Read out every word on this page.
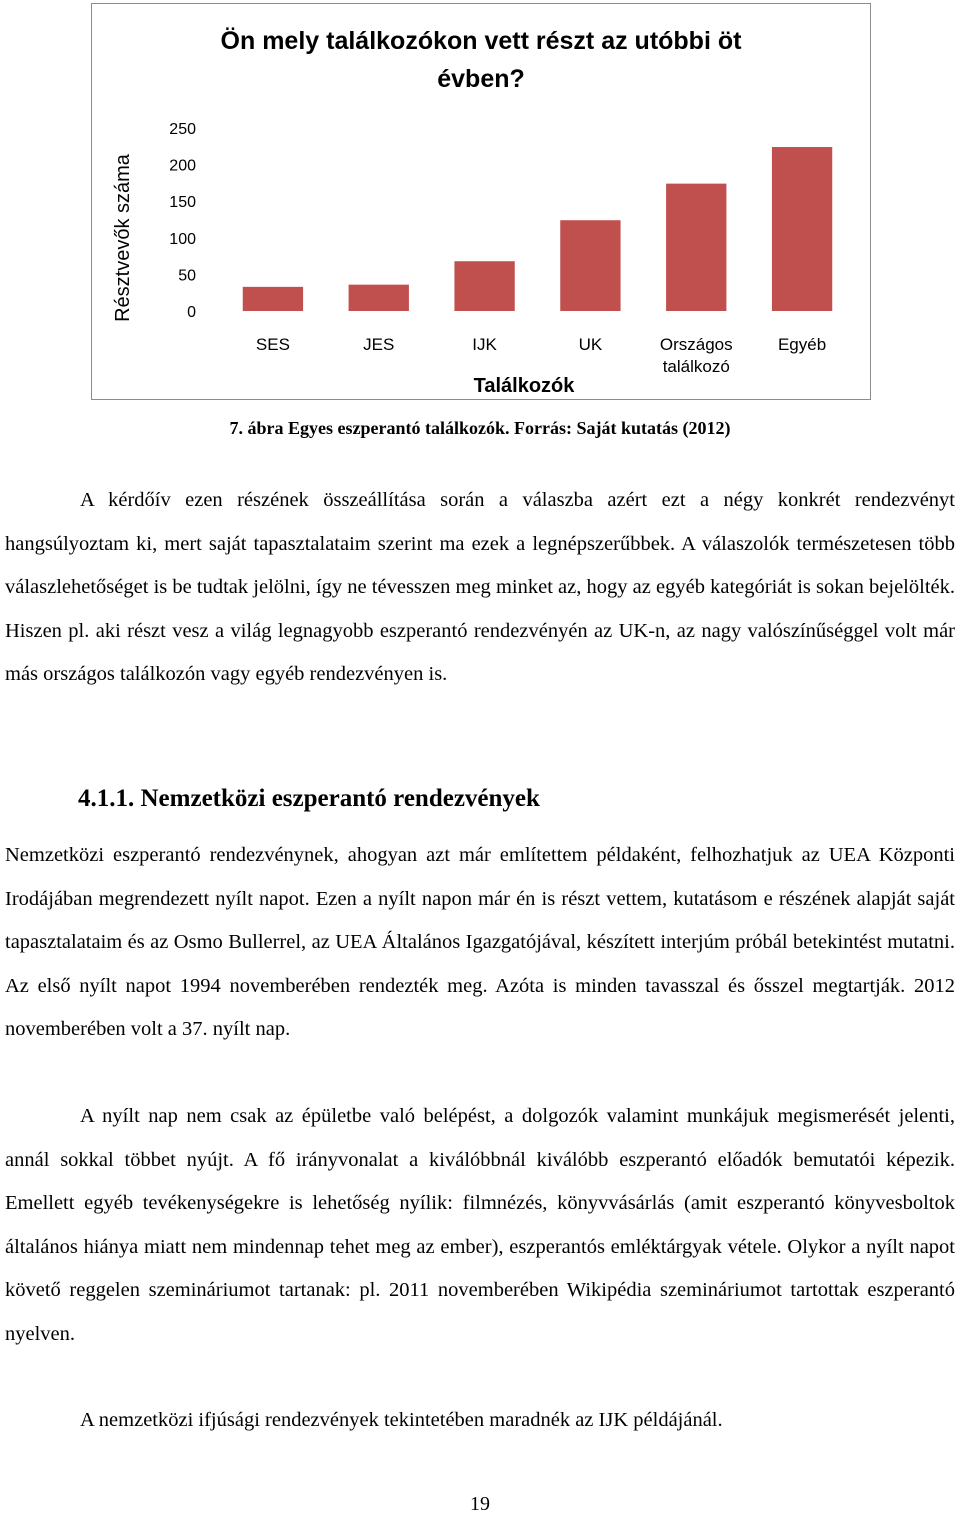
Ön mely találkozókon vett részt az utóbbi öt évben?
Résztvevők száma	0
50
100
150
200
250
SES	JES	IJK	UK	Országos találkozó
Egyéb
Találkozók
7. ábra Egyes eszperantó találkozók. Forrás: Saját kutatás (2012)

A kérdőív ezen részének összeállítása során a válaszba azért ezt a négy konkrét rendezvényt hangsúlyoztam ki, mert saját tapasztalataim szerint ma ezek a legnépszerűbbek. A válaszolók természetesen több válaszlehetőséget is be tudtak jelölni, így ne tévesszen meg minket az, hogy az egyéb kategóriát is sokan bejelölték. Hiszen pl. aki részt vesz a világ legnagyobb eszperantó rendezvényén az UK-n, az nagy valószínűséggel volt már más országos találkozón vagy egyéb rendezvényen is.

4.1.1. Nemzetközi eszperantó rendezvények

Nemzetközi eszperantó rendezvénynek, ahogyan azt már említettem példaként, felhozhatjuk az UEA Központi Irodájában megrendezett nyílt napot. Ezen a nyílt napon már én is részt vettem, kutatásom e részének alapját saját tapasztalataim és az Osmo Bullerrel, az UEA Általános Igazgatójával, készített interjúm próbál betekintést mutatni. Az első nyílt napot 1994 novemberében rendezték meg. Azóta is minden tavasszal és ősszel megtartják. 2012 novemberében volt a 37. nyílt nap.

A nyílt nap nem csak az épületbe való belépést, a dolgozók valamint munkájuk megismerését jelenti, annál sokkal többet nyújt. A fő irányvonalat a kiválóbbnál kiválóbb eszperantó előadók bemutatói képezik. Emellett egyéb tevékenységekre is lehetőség nyílik: filmnézés, könyvvásárlás (amit eszperantó könyvesboltok általános hiánya miatt nem mindennap tehet meg az ember), eszperantós emléktárgyak vétele. Olykor a nyílt napot követő reggelen szemináriumot tartanak: pl. 2011 novemberében Wikipédia szemináriumot tartottak eszperantó nyelven.

A nemzetközi ifjúsági rendezvények tekintetében maradnék az IJK példájánál.

19
